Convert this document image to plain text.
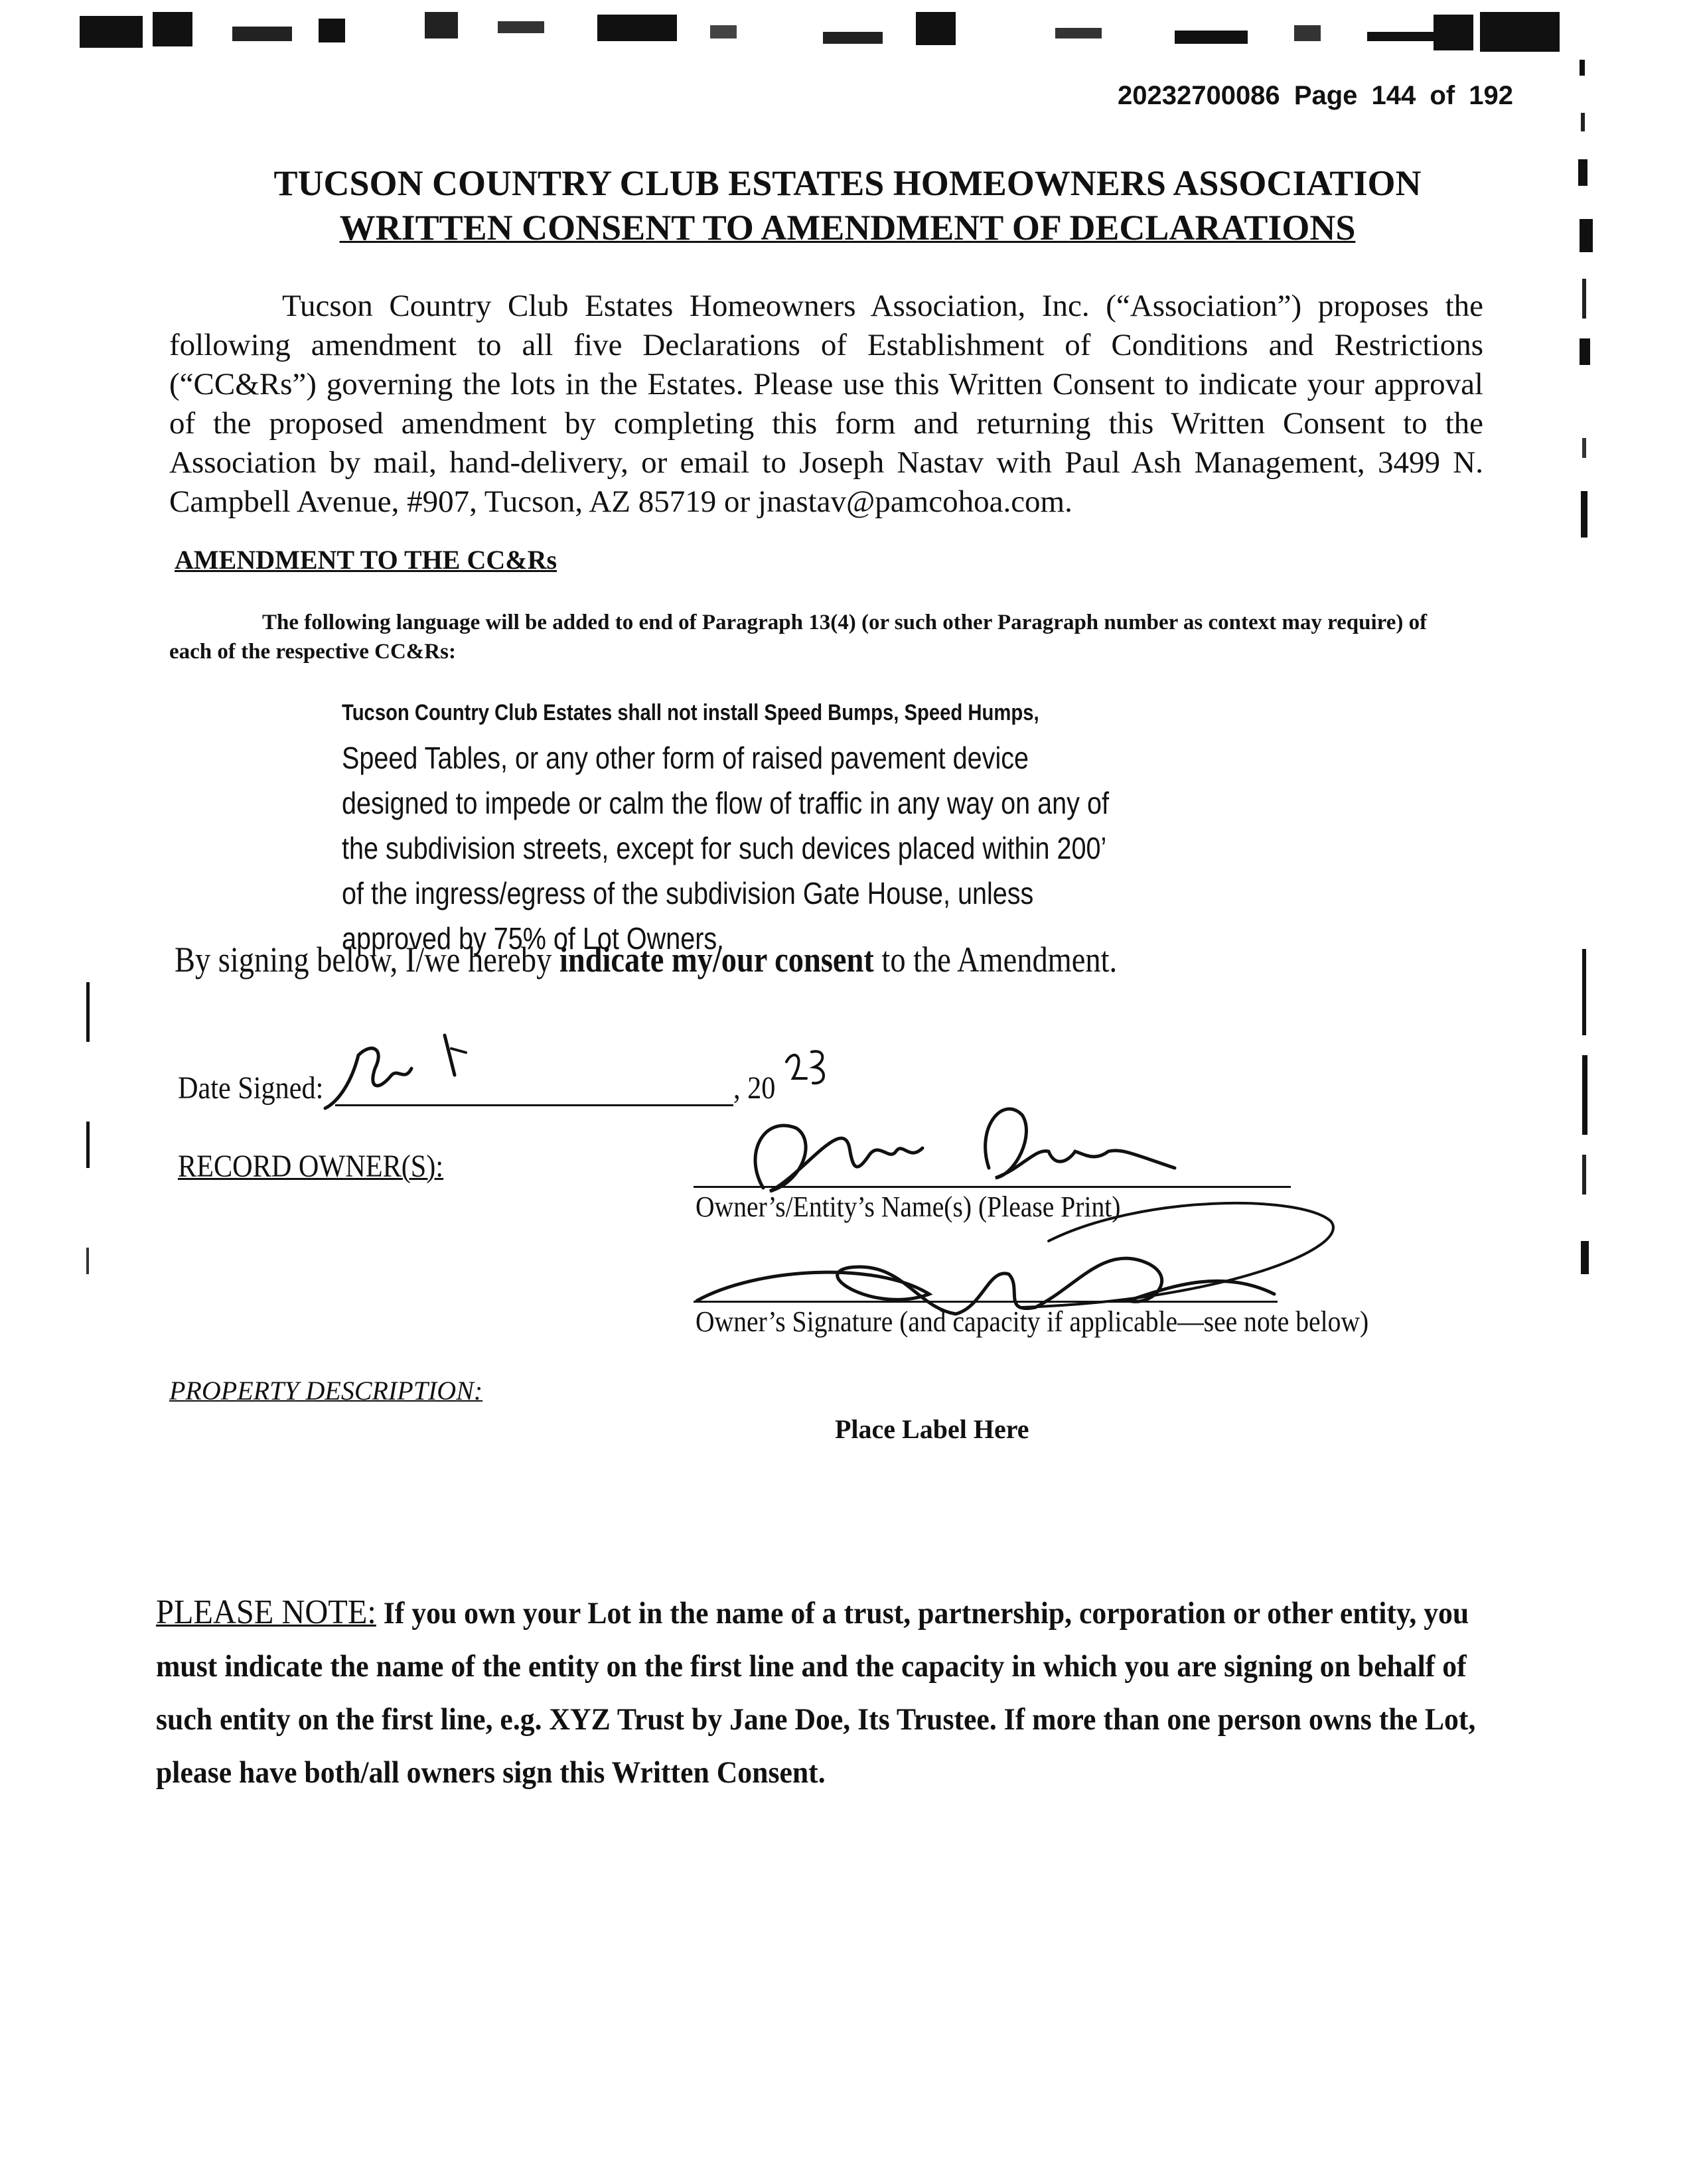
20232700086 Page 144 of 192
TUCSON COUNTRY CLUB ESTATES HOMEOWNERS ASSOCIATION
WRITTEN CONSENT TO AMENDMENT OF DECLARATIONS
Tucson Country Club Estates Homeowners Association, Inc. (“Association”) proposes the following amendment to all five Declarations of Establishment of Conditions and Restrictions (“CC&Rs”) governing the lots in the Estates. Please use this Written Consent to indicate your approval of the proposed amendment by completing this form and returning this Written Consent to the Association by mail, hand-delivery, or email to Joseph Nastav with Paul Ash Management, 3499 N. Campbell Avenue, #907, Tucson, AZ 85719 or jnastav@pamcohoa.com.
AMENDMENT TO THE CC&Rs
The following language will be added to end of Paragraph 13(4) (or such other Paragraph number as context may require) of each of the respective CC&Rs:
Tucson Country Club Estates shall not install Speed Bumps, Speed Humps, Speed Tables, or any other form of raised pavement device designed to impede or calm the flow of traffic in any way on any of the subdivision streets, except for such devices placed within 200’ of the ingress/egress of the subdivision Gate House, unless approved by 75% of Lot Owners.
By signing below, I/we hereby indicate my/our consent to the Amendment.
Date Signed:	, 20
RECORD OWNER(S):
Owner’s/Entity’s Name(s) (Please Print)
Owner’s Signature (and capacity if applicable—see note below)
PROPERTY DESCRIPTION:
Place Label Here
PLEASE NOTE: If you own your Lot in the name of a trust, partnership, corporation or other entity, you must indicate the name of the entity on the first line and the capacity in which you are signing on behalf of such entity on the first line, e.g. XYZ Trust by Jane Doe, Its Trustee. If more than one person owns the Lot, please have both/all owners sign this Written Consent.
